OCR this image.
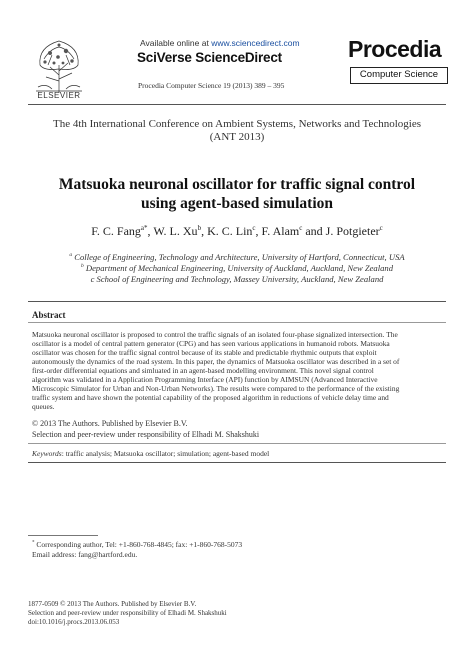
ELSEVIER
Available online at www.sciencedirect.com
SciVerse ScienceDirect
Procedia Computer Science 19 (2013) 389 – 395
Procedia
Computer Science
The 4th International Conference on Ambient Systems, Networks and Technologies
(ANT 2013)
Matsuoka neuronal oscillator for traffic signal control
using agent-based simulation
F. C. Fang$^{a*}$, W. L. Xu$^b$, K. C. Lin$^c$, F. Alam$^c$ and J. Potgieter$^c$
$^a$ College of Engineering, Technology and Architecture, University of Hartford, Connecticut, USA
$^b$ Department of Mechanical Engineering, University of Auckland, Auckland, New Zealand
c School of Engineering and Technology, Massey University, Auckland, New Zealand
Abstract
Matsuoka neuronal oscillator is proposed to control the traffic signals of an isolated four-phase signalized intersection. The
oscillator is a model of central pattern generator (CPG) and has seen various applications in humanoid robots. Matsuoka
oscillator was chosen for the traffic signal control because of its stable and predictable rhythmic outputs that exploit
autonomously the dynamics of the road system. In this paper, the dynamics of Matsuoka oscillator was described in a set of
first-order differential equations and simluated in an agent-based modelling environment. This novel signal control
algorithm was validated in a Application Programming Interface (API) function by AIMSUN (Advanced Interactive
Microscopic Simulator for Urban and Non-Urban Networks). The results were compared to the performance of the existing
traffic system and have shown the potential capability of the proposed algorithm in reductions of vehicle delay time and
queues.
© 2013 The Authors. Published by Elsevier B.V.
Selection and peer-review under responsibility of Elhadi M. Shakshuki
Keywords: traffic analysis; Matsuoka oscillator; simulation; agent-based model
* Corresponding author, Tel: +1-860-768-4845; fax: +1-860-768-5073
Email address: fang@hartford.edu.
1877-0509 © 2013 The Authors. Published by Elsevier B.V.
Selection and peer-review under responsibility of Elhadi M. Shakshuki
doi:10.1016/j.procs.2013.06.053
